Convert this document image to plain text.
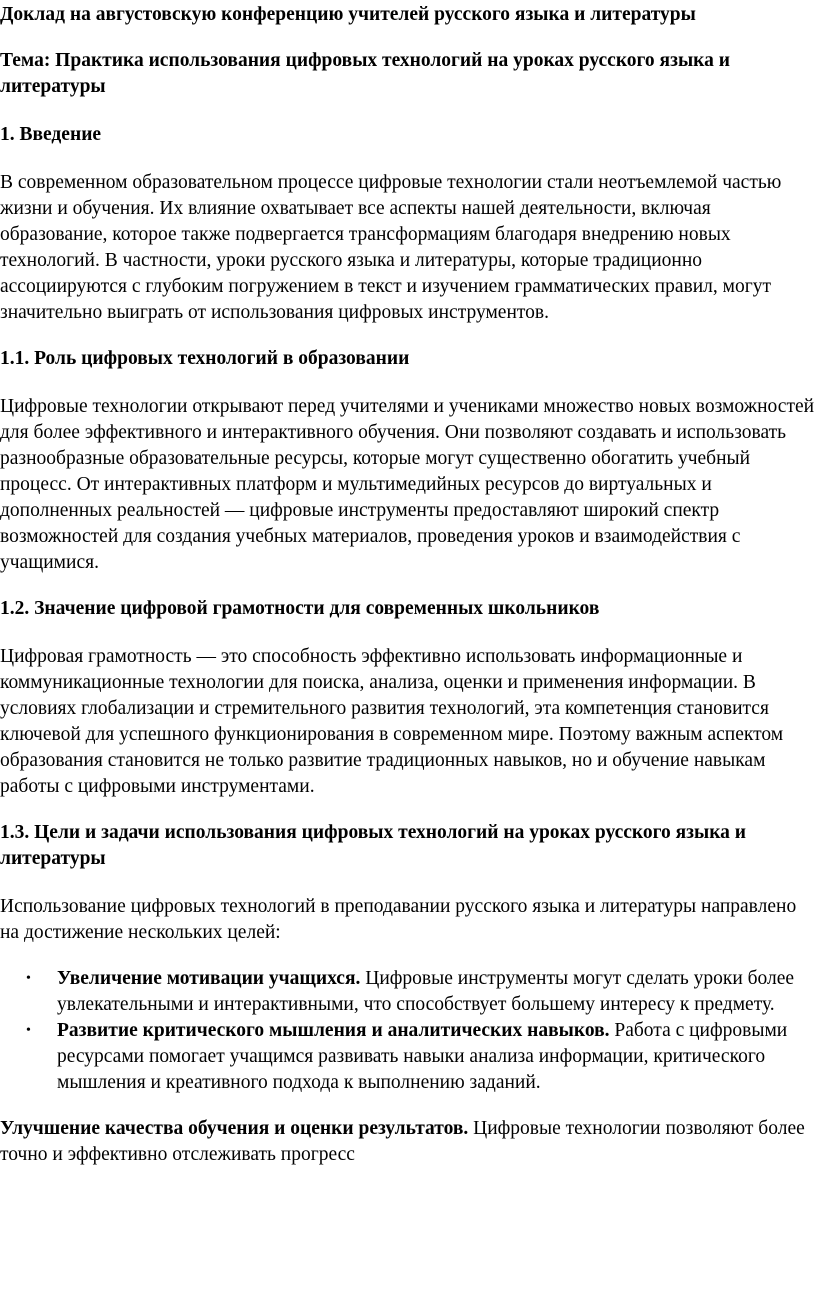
Доклад на августовскую конференцию учителей русского языка и литературы

Тема: Практика использования цифровых технологий на уроках русского языка и литературы

1. Введение

В современном образовательном процессе цифровые технологии стали неотъемлемой частью жизни и обучения. Их влияние охватывает все аспекты нашей деятельности, включая образование, которое также подвергается трансформациям благодаря внедрению новых технологий. В частности, уроки русского языка и литературы, которые традиционно ассоциируются с глубоким погружением в текст и изучением грамматических правил, могут значительно выиграть от использования цифровых инструментов.

1.1. Роль цифровых технологий в образовании

Цифровые технологии открывают перед учителями и учениками множество новых возможностей для более эффективного и интерактивного обучения. Они позволяют создавать и использовать разнообразные образовательные ресурсы, которые могут существенно обогатить учебный процесс. От интерактивных платформ и мультимедийных ресурсов до виртуальных и дополненных реальностей — цифровые инструменты предоставляют широкий спектр возможностей для создания учебных материалов, проведения уроков и взаимодействия с учащимися.

1.2. Значение цифровой грамотности для современных школьников

Цифровая грамотность — это способность эффективно использовать информационные и коммуникационные технологии для поиска, анализа, оценки и применения информации. В условиях глобализации и стремительного развития технологий, эта компетенция становится ключевой для успешного функционирования в современном мире. Поэтому важным аспектом образования становится не только развитие традиционных навыков, но и обучение навыкам работы с цифровыми инструментами.

1.3. Цели и задачи использования цифровых технологий на уроках русского языка и литературы

Использование цифровых технологий в преподавании русского языка и литературы направлено на достижение нескольких целей:

• Увеличение мотивации учащихся. Цифровые инструменты могут сделать уроки более увлекательными и интерактивными, что способствует большему интересу к предмету.
• Развитие критического мышления и аналитических навыков. Работа с цифровыми ресурсами помогает учащимся развивать навыки анализа информации, критического мышления и креативного подхода к выполнению заданий.

Улучшение качества обучения и оценки результатов. Цифровые технологии позволяют более точно и эффективно отслеживать прогресс
